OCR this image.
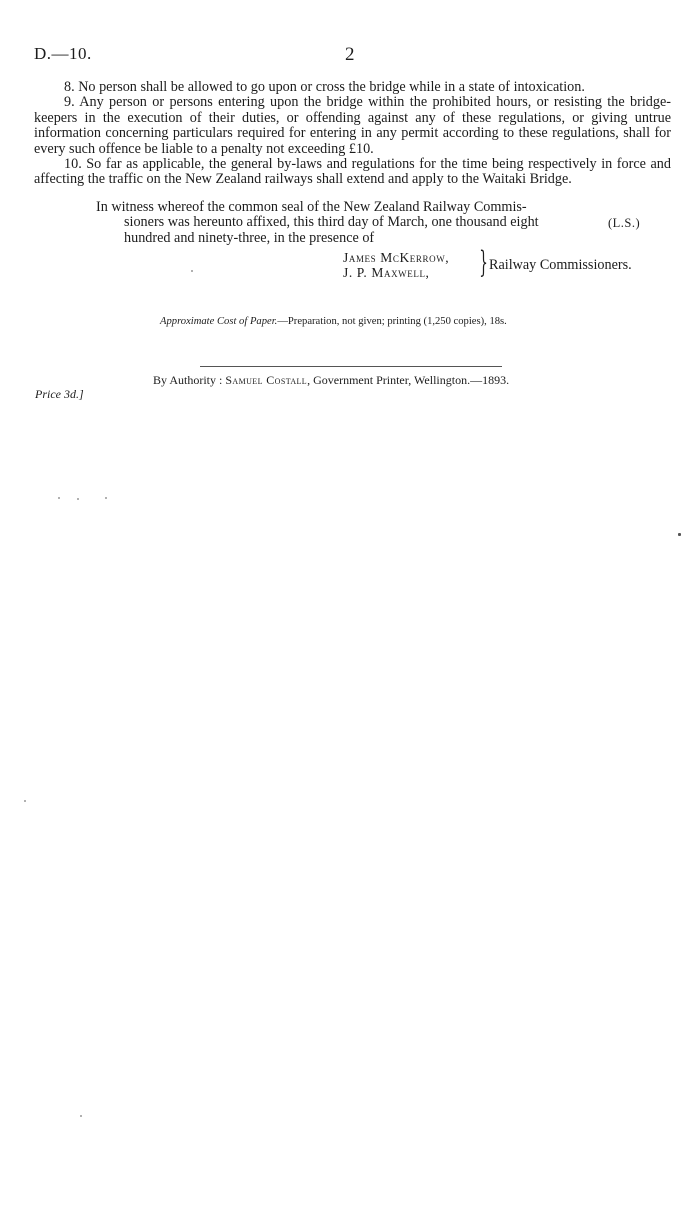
D.—10.	2

8. No person shall be allowed to go upon or cross the bridge while in a state of intoxication.

9. Any person or persons entering upon the bridge within the prohibited hours, or resisting the bridge-keepers in the execution of their duties, or offending against any of these regulations, or giving untrue information concerning particulars required for entering in any permit according to these regulations, shall for every such offence be liable to a penalty not exceeding £10.

10. So far as applicable, the general by-laws and regulations for the time being respectively in force and affecting the traffic on the New Zealand railways shall extend and apply to the Waitaki Bridge.

In witness whereof the common seal of the New Zealand Railway Commis-
sioners was hereunto affixed, this third day of March, one thousand eight
hundred and ninety-three, in the presence of
(L.S.)
James McKerrow,
J. P. Maxwell,	} Railway Commissioners.
Approximate Cost of Paper.—Preparation, not given; printing (1,250 copies), 18s.
By Authority : Samuel Costall, Government Printer, Wellington.—1893.
Price 3d.]
